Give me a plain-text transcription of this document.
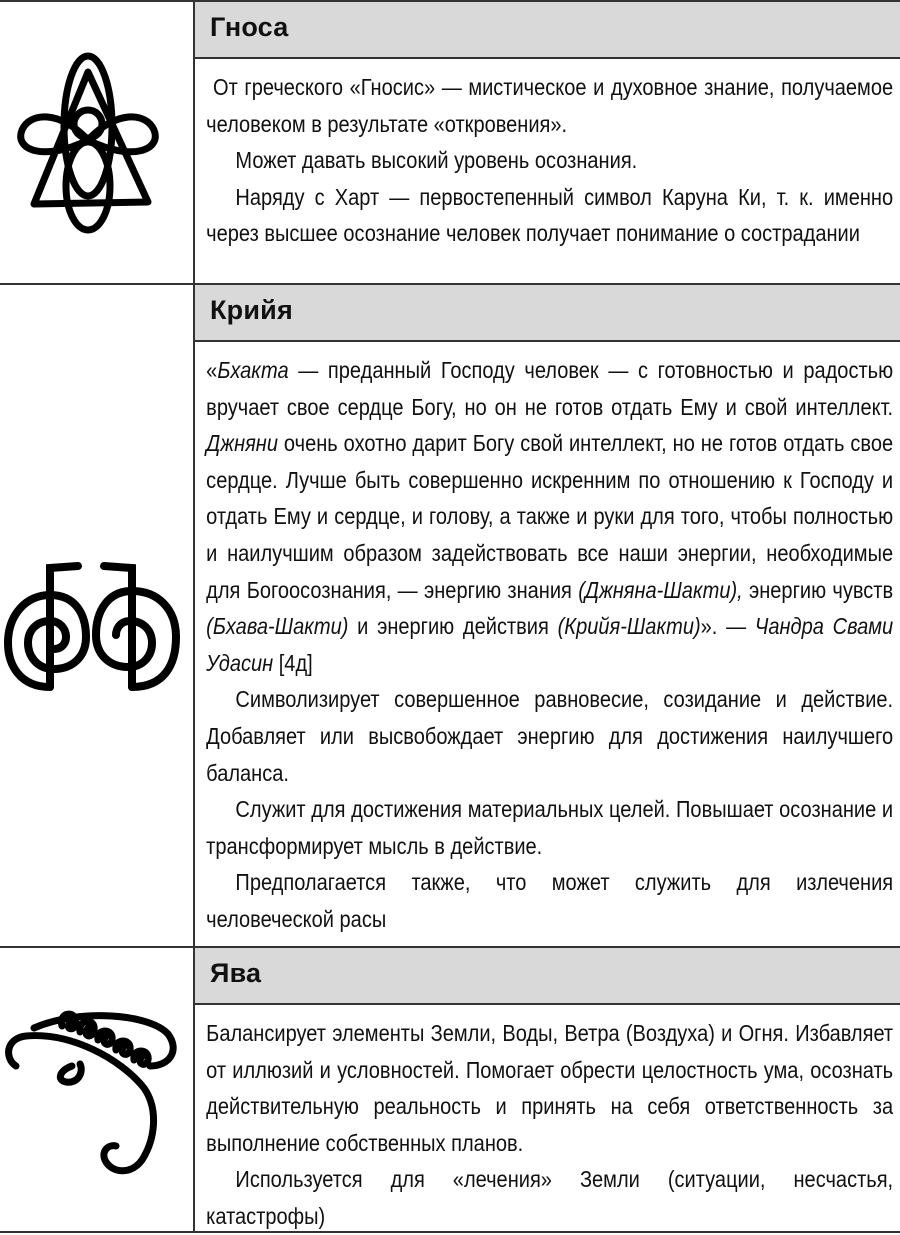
Гноса

От греческого «Гносис» — мистическое и духовное знание, получаемое человеком в результате «откровения».

Может давать высокий уровень осознания.

Наряду с Харт — первостепенный символ Каруна Ки, т. к. именно через высшее осознание человек получает понимание о сострадании

Крийя

«Бхакта — преданный Господу человек — с готовностью и радостью вручает свое сердце Богу, но он не готов отдать Ему и свой интеллект. Джняни очень охотно дарит Богу свой интеллект, но не готов отдать свое сердце. Лучше быть совершенно искренним по отношению к Господу и отдать Ему и сердце, и голову, а также и руки для того, чтобы полностью и наилучшим образом задействовать все наши энергии, необходимые для Богоосознания, — энергию знания (Джняна-Шакти), энергию чувств (Бхава-Шакти) и энергию действия (Крийя-Шакти)». — Чандра Свами Удасин [4д]

Символизирует совершенное равновесие, созидание и действие. Добавляет или высвобождает энергию для достижения наилучшего баланса.

Служит для достижения материальных целей. Повышает осознание и трансформирует мысль в действие.

Предполагается также, что может служить для излечения человеческой расы

Ява

Балансирует элементы Земли, Воды, Ветра (Воздуха) и Огня. Избавляет от иллюзий и условностей. Помогает обрести целостность ума, осознать действительную реальность и принять на себя ответственность за выполнение собственных планов.

Используется для «лечения» Земли (ситуации, несчастья, катастрофы)
